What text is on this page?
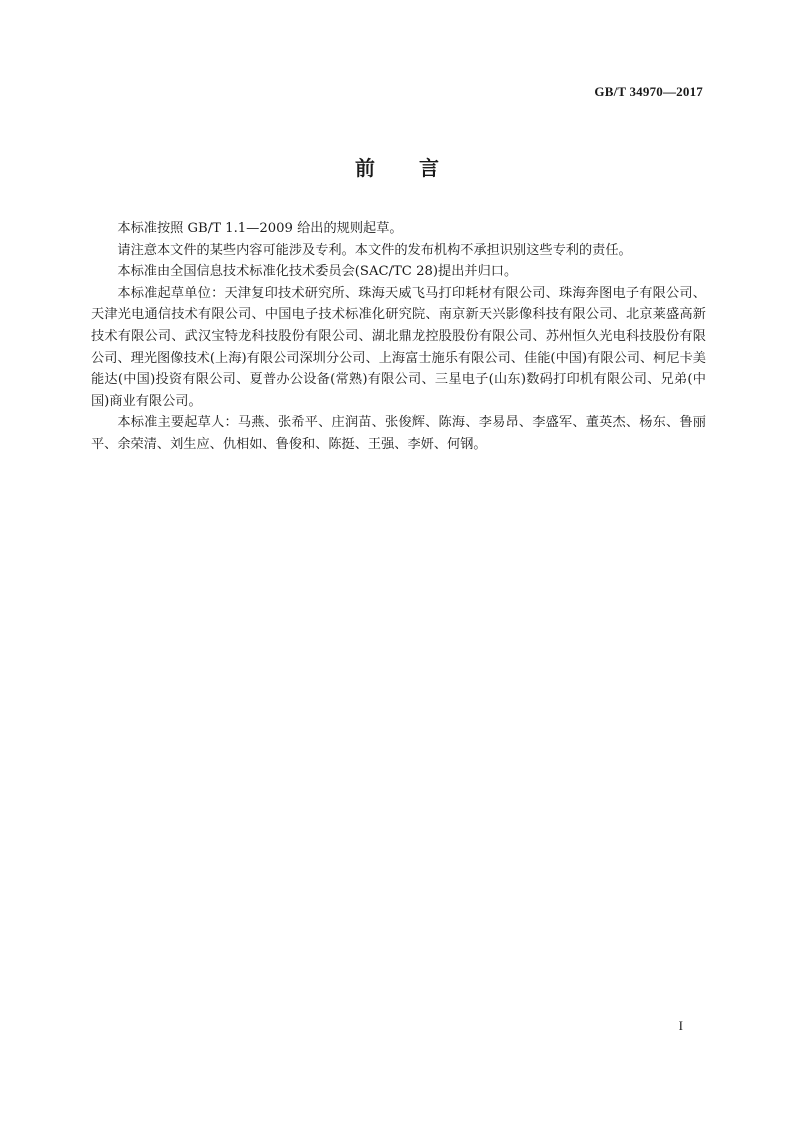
GB/T 34970—2017
前 言

本标准按照 GB/T 1.1—2009 给出的规则起草。

请注意本文件的某些内容可能涉及专利。本文件的发布机构不承担识别这些专利的责任。

本标准由全国信息技术标准化技术委员会(SAC/TC 28)提出并归口。

本标准起草单位：天津复印技术研究所、珠海天威飞马打印耗材有限公司、珠海奔图电子有限公司、天津光电通信技术有限公司、中国电子技术标准化研究院、南京新天兴影像科技有限公司、北京莱盛高新技术有限公司、武汉宝特龙科技股份有限公司、湖北鼎龙控股股份有限公司、苏州恒久光电科技股份有限公司、理光图像技术(上海)有限公司深圳分公司、上海富士施乐有限公司、佳能(中国)有限公司、柯尼卡美能达(中国)投资有限公司、夏普办公设备(常熟)有限公司、三星电子(山东)数码打印机有限公司、兄弟(中国)商业有限公司。

本标准主要起草人：马燕、张希平、庄润苗、张俊辉、陈海、李易昂、李盛军、董英杰、杨东、鲁丽平、余荣清、刘生应、仇相如、鲁俊和、陈挺、王强、李妍、何钢。

I
